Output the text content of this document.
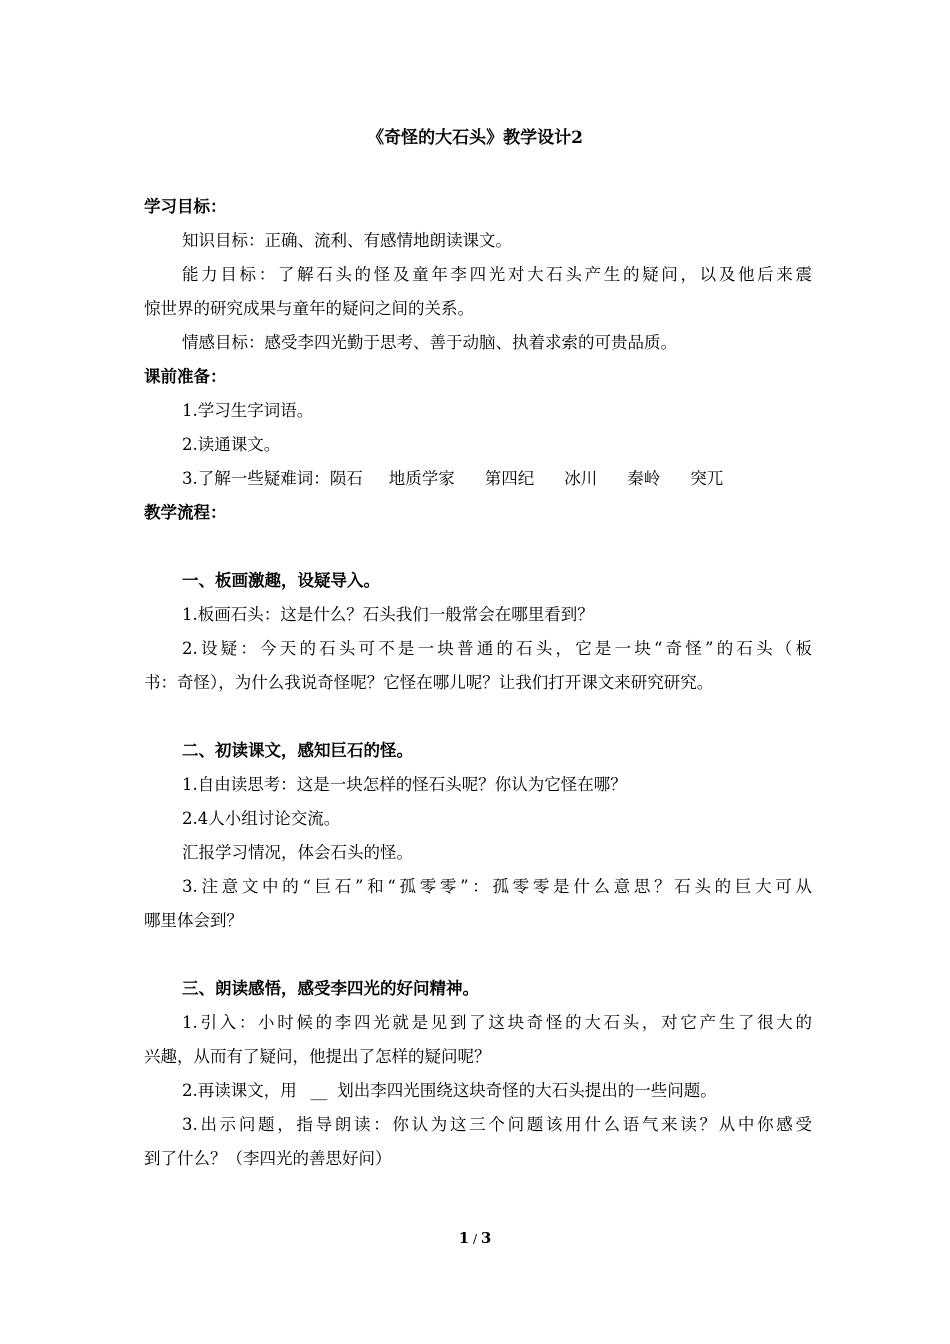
《奇怪的大石头》教学设计2
学习目标：
知识目标：正确、流利、有感情地朗读课文。
能力目标：了解石头的怪及童年李四光对大石头产生的疑问，以及他后来震
惊世界的研究成果与童年的疑问之间的关系。
情感目标：感受李四光勤于思考、善于动脑、执着求索的可贵品质。
课前准备：
1.学习生字词语。
2.读通课文。
3.了解一些疑难词：陨石 地质学家 第四纪 冰川 秦岭 突兀
教学流程：
一、板画激趣，设疑导入。
1.板画石头：这是什么？石头我们一般常会在哪里看到？
2.设疑：今天的石头可不是一块普通的石头，它是一块“奇怪”的石头（板
书：奇怪），为什么我说奇怪呢？它怪在哪儿呢？让我们打开课文来研究研究。
二、初读课文，感知巨石的怪。
1.自由读思考：这是一块怎样的怪石头呢？你认为它怪在哪？
2.4人小组讨论交流。
汇报学习情况，体会石头的怪。
3.注意文中的“巨石”和“孤零零”：孤零零是什么意思？石头的巨大可从
哪里体会到？
三、朗读感悟，感受李四光的好问精神。
1.引入：小时候的李四光就是见到了这块奇怪的大石头，对它产生了很大的
兴趣，从而有了疑问，他提出了怎样的疑问呢？
2.再读课文，用 __ 划出李四光围绕这块奇怪的大石头提出的一些问题。
3.出示问题，指导朗读：你认为这三个问题该用什么语气来读？从中你感受
到了什么？（李四光的善思好问）
1 / 3
